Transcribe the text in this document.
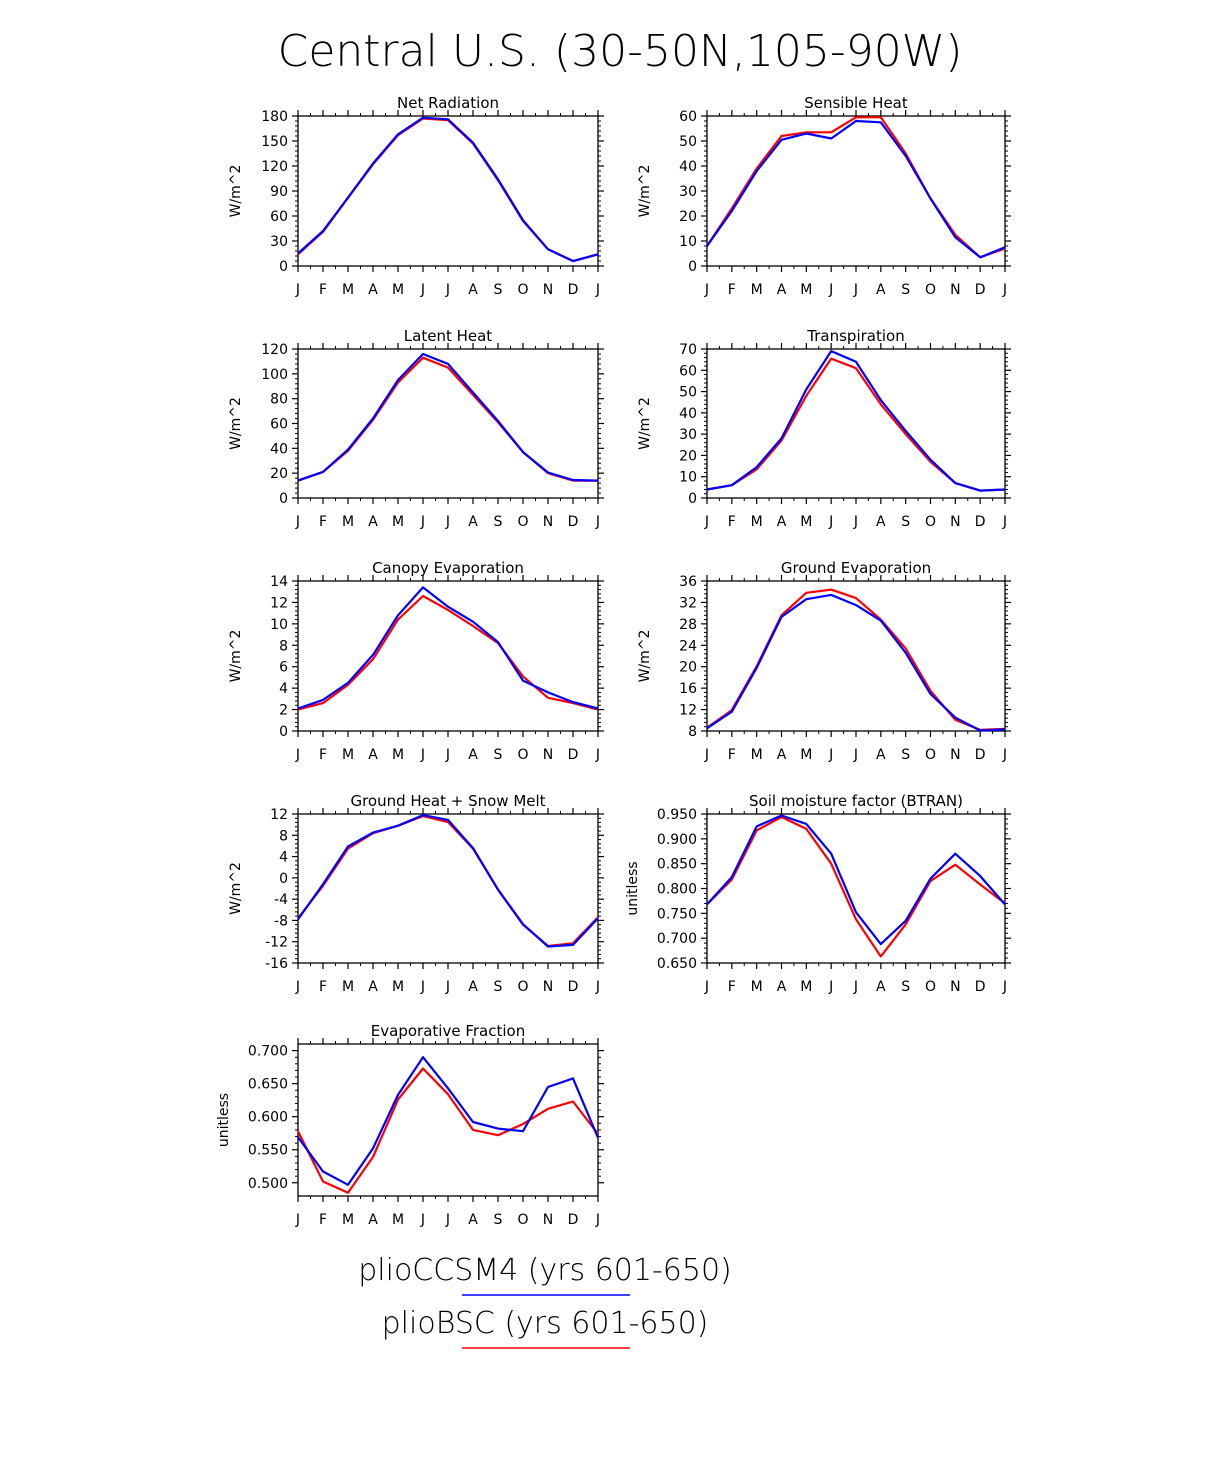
Central U.S. (30-50N,105-90W)
Net Radiation
J F M A M J J A S O N D J
0
30
60
90
120
150
180
W/m^2
Sensible Heat
J F M A M J J A S O N D J
0
10
20
30
40
50
60
W/m^2
Latent Heat
J F M A M J J A S O N D J
0
20
40
60
80
100
120
W/m^2
Transpiration
J F M A M J J A S O N D J
0
10
20
30
40
50
60
70
W/m^2
Canopy Evaporation
J F M A M J J A S O N D J
0
2
4
6
8
10
12
14
W/m^2
Ground Evaporation
J F M A M J J A S O N D J
8
12
16
20
24
28
32
36
W/m^2
Ground Heat + Snow Melt
J F M A M J J A S O N D J
-16
-12
-8
-4
0
4
8
12
W/m^2
Soil moisture factor (BTRAN)
J F M A M J J A S O N D J
0.650
0.700
0.750
0.800
0.850
0.900
0.950
unitless
Evaporative Fraction
J F M A M J J A S O N D J
0.500
0.550
0.600
0.650
0.700
unitless
plioCCSM4 (yrs 601-650)
plioBSC (yrs 601-650)
